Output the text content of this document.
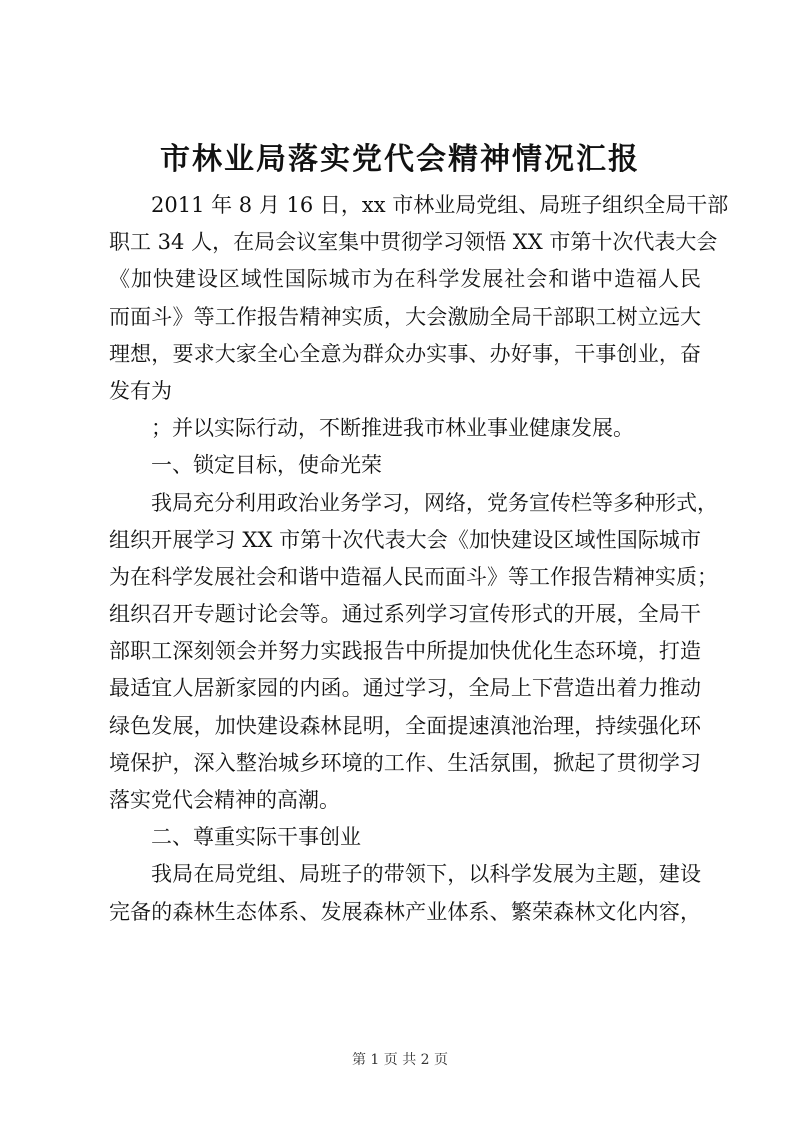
市林业局落实党代会精神情况汇报
2011 年 8 月 16 日，xx 市林业局党组、局班子组织全局干部
职工 34 人，在局会议室集中贯彻学习领悟 XX 市第十次代表大会
《加快建设区域性国际城市为在科学发展社会和谐中造福人民
而面斗》等工作报告精神实质，大会激励全局干部职工树立远大
理想，要求大家全心全意为群众办实事、办好事，干事创业，奋
发有为
；并以实际行动，不断推进我市林业事业健康发展。
一、锁定目标，使命光荣
我局充分利用政治业务学习，网络，党务宣传栏等多种形式，
组织开展学习 XX 市第十次代表大会《加快建设区域性国际城市
为在科学发展社会和谐中造福人民而面斗》等工作报告精神实质；
组织召开专题讨论会等。通过系列学习宣传形式的开展，全局干
部职工深刻领会并努力实践报告中所提加快优化生态环境，打造
最适宜人居新家园的内函。通过学习，全局上下营造出着力推动
绿色发展，加快建设森林昆明，全面提速滇池治理，持续强化环
境保护，深入整治城乡环境的工作、生活氛围，掀起了贯彻学习
落实党代会精神的高潮。
二、尊重实际干事创业
我局在局党组、局班子的带领下，以科学发展为主题，建设
完备的森林生态体系、发展森林产业体系、繁荣森林文化内容，
第 1 页 共 2 页
